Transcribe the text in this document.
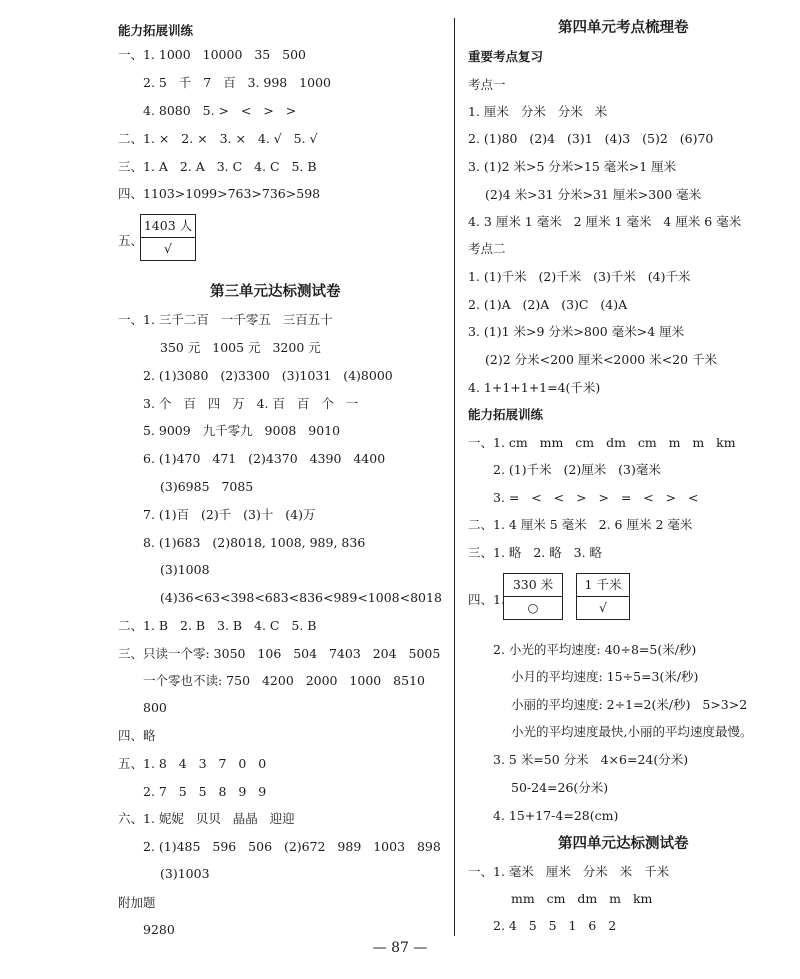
能力拓展训练
一、1. 1000   10000   35   500
2. 5   千   7   百   3. 998   1000
4. 8080   5. >   <   >   >
二、1. ×   2. ×   3. ×   4. √   5. √
三、1. A   2. A   3. C   4. C   5. B
四、1103>1099>763>736>598
五、
第三单元达标测试卷
一、1. 三千二百   一千零五   三百五十
350 元   1005 元   3200 元
2. (1)3080   (2)3300   (3)1031   (4)8000
3. 个   百   四   万   4. 百   百   个   一
5. 9009   九千零九   9008   9010
6. (1)470   471   (2)4370   4390   4400
(3)6985   7085
7. (1)百   (2)千   (3)十   (4)万
8. (1)683   (2)8018, 1008, 989, 836
(3)1008
(4)36<63<398<683<836<989<1008<8018
二、1. B   2. B   3. B   4. C   5. B
三、只读一个零: 3050   106   504   7403   204   5005
一个零也不读: 750   4200   2000   1000   8510
800
四、略
五、1. 8   4   3   7   0   0
2. 7   5   5   8   9   9
六、1. 妮妮   贝贝   晶晶   迎迎
2. (1)485   596   506   (2)672   989   1003   898
(3)1003
附加题
9280
第四单元考点梳理卷
重要考点复习
考点一
1. 厘米   分米   分米   米
2. (1)80   (2)4   (3)1   (4)3   (5)2   (6)70
3. (1)2 米>5 分米>15 毫米>1 厘米
(2)4 米>31 分米>31 厘米>300 毫米
4. 3 厘米 1 毫米   2 厘米 1 毫米   4 厘米 6 毫米
考点二
1. (1)千米   (2)千米   (3)千米   (4)千米
2. (1)A   (2)A   (3)C   (4)A
3. (1)1 米>9 分米>800 毫米>4 厘米
(2)2 分米<200 厘米<2000 米<20 千米
4. 1+1+1+1=4(千米)
能力拓展训练
一、1. cm   mm   cm   dm   cm   m   m   km
2. (1)千米   (2)厘米   (3)毫米
3. =   <   <   >   >   =   <   >   <
二、1. 4 厘米 5 毫米   2. 6 厘米 2 毫米
三、1. 略   2. 略   3. 略
四、1.
2. 小光的平均速度: 40÷8=5(米/秒)
小月的平均速度: 15÷5=3(米/秒)
小丽的平均速度: 2÷1=2(米/秒)   5>3>2
小光的平均速度最快,小丽的平均速度最慢。
3. 5 米=50 分米   4×6=24(分米)
50-24=26(分米)
4. 15+17-4=28(cm)
第四单元达标测试卷
一、1. 毫米   厘米   分米   米   千米
mm   cm   dm   m   km
2. 4   5   5   1   6   2
1403 人
√
330 米
○
1 千米
√
— 87 —
